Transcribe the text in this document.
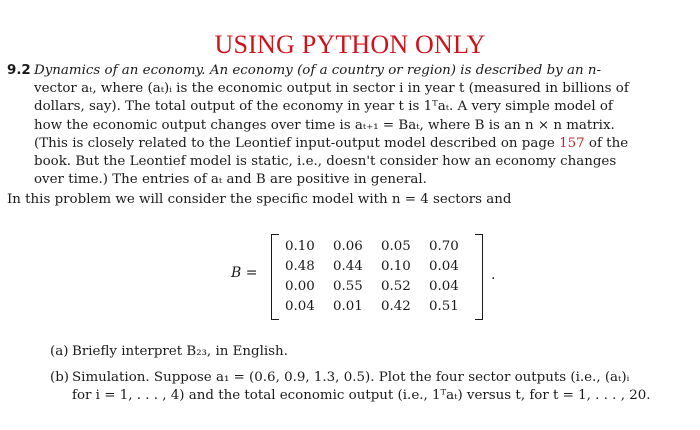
USING PYTHON ONLY
9.2 Dynamics of an economy. An economy (of a country or region) is described by an n-
vector aₜ, where (aₜ)ᵢ is the economic output in sector i in year t (measured in billions of
dollars, say). The total output of the economy in year t is 1ᵀaₜ. A very simple model of
how the economic output changes over time is aₜ₊₁ = Baₜ, where B is an n × n matrix.
(This is closely related to the Leontief input-output model described on page 157 of the
book. But the Leontief model is static, i.e., doesn't consider how an economy changes
over time.) The entries of aₜ and B are positive in general.
In this problem we will consider the specific model with n = 4 sectors and
B =
0.10	0.06	0.05	0.70
0.48	0.44	0.10	0.04
0.00	0.55	0.52	0.04
0.04	0.01	0.42	0.51
.
(a) Briefly interpret B₂₃, in English.
(b) Simulation. Suppose a₁ = (0.6, 0.9, 1.3, 0.5). Plot the four sector outputs (i.e., (aₜ)ᵢ
for i = 1, . . . , 4) and the total economic output (i.e., 1ᵀaₜ) versus t, for t = 1, . . . , 20.
